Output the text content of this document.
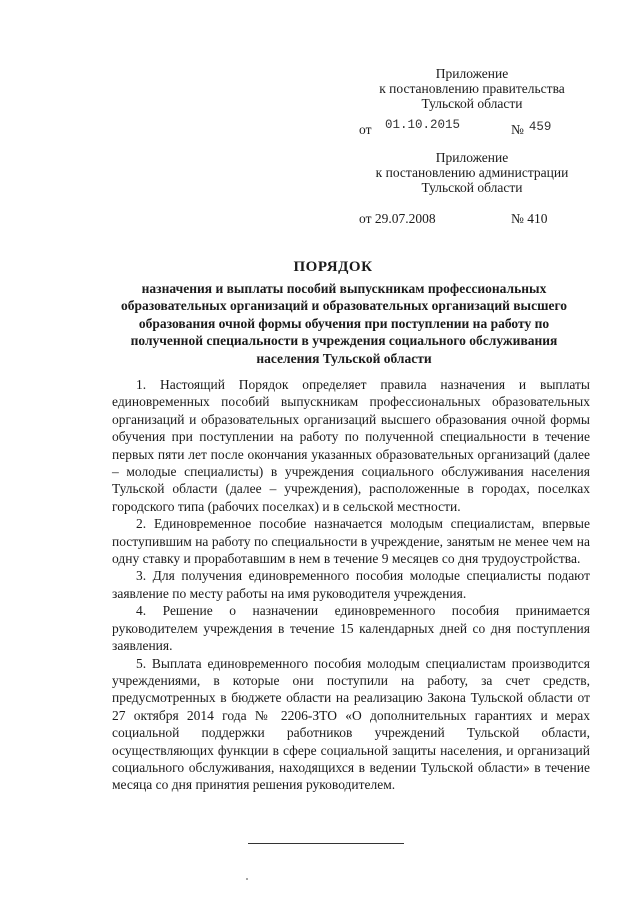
Приложение
к постановлению правительства
Тульской области
от 01.10.2015	№ 459
Приложение
к постановлению администрации
Тульской области
от 29.07.2008	№ 410
ПОРЯДОК
назначения и выплаты пособий выпускникам профессиональных образовательных организаций и образовательных организаций высшего образования очной формы обучения при поступлении на работу по полученной специальности в учреждения социального обслуживания населения Тульской области

1. Настоящий Порядок определяет правила назначения и выплаты единовременных пособий выпускникам профессиональных образовательных организаций и образовательных организаций высшего образования очной формы обучения при поступлении на работу по полученной специальности в течение первых пяти лет после окончания указанных образовательных организаций (далее – молодые специалисты) в учреждения социального обслуживания населения Тульской области (далее – учреждения), расположенные в городах, поселках городского типа (рабочих поселках) и в сельской местности.

2. Единовременное пособие назначается молодым специалистам, впервые поступившим на работу по специальности в учреждение, занятым не менее чем на одну ставку и проработавшим в нем в течение 9 месяцев со дня трудоустройства.

3. Для получения единовременного пособия молодые специалисты подают заявление по месту работы на имя руководителя учреждения.

4. Решение о назначении единовременного пособия принимается руководителем учреждения в течение 15 календарных дней со дня поступления заявления.

5. Выплата единовременного пособия молодым специалистам производится учреждениями, в которые они поступили на работу, за счет средств, предусмотренных в бюджете области на реализацию Закона Тульской области от 27 октября 2014 года № 2206-ЗТО «О дополнительных гарантиях и мерах социальной поддержки работников учреждений Тульской области, осуществляющих функции в сфере социальной защиты населения, и организаций социального обслуживания, находящихся в ведении Тульской области» в течение месяца со дня принятия решения руководителем.
